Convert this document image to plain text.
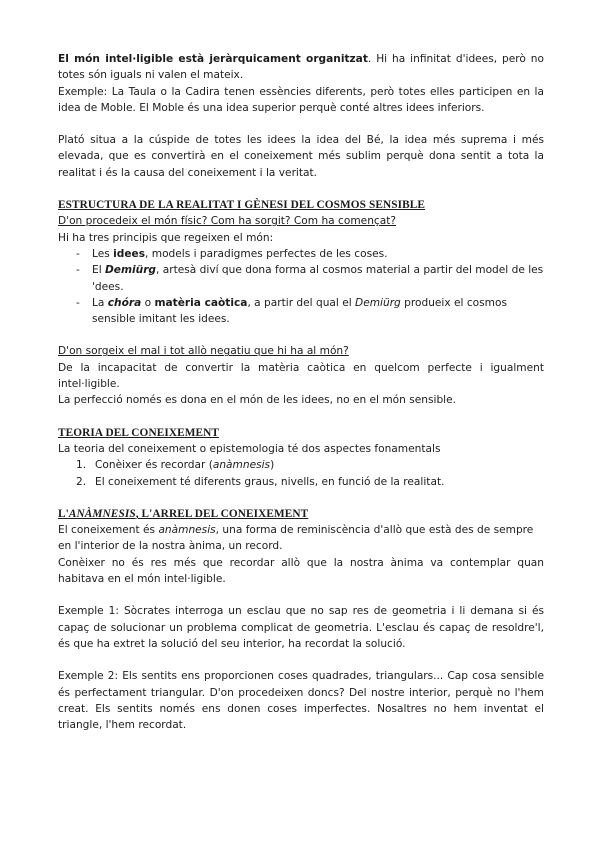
El món intel·ligible està jeràrquicament organitzat. Hi ha infinitat d'idees, però no totes són iguals ni valen el mateix.

Exemple: La Taula o la Cadira tenen essències diferents, però totes elles participen en la idea de Moble. El Moble és una idea superior perquè conté altres idees inferiors.

Plató situa a la cúspide de totes les idees la idea del Bé, la idea més suprema i més elevada, que es convertirà en el coneixement més sublim perquè dona sentit a tota la realitat i és la causa del coneixement i la veritat.

ESTRUCTURA DE LA REALITAT I GÈNESI DEL COSMOS SENSIBLE

D'on procedeix el món físic? Com ha sorgit? Com ha començat?

Hi ha tres principis que regeixen el món:

- Les idees, models i paradigmes perfectes de les coses.
- El Demiürg, artesà diví que dona forma al cosmos material a partir del model de les 'dees.
- La chóra o matèria caòtica, a partir del qual el Demiürg produeix el cosmos sensible imitant les idees.

D'on sorgeix el mal i tot allò negatiu que hi ha al món?

De la incapacitat de convertir la matèria caòtica en quelcom perfecte i igualment intel·ligible.

La perfecció només es dona en el món de les idees, no en el món sensible.

TEORIA DEL CONEIXEMENT

La teoria del coneixement o epistemologia té dos aspectes fonamentals

1. Conèixer és recordar (anàmnesis)
2. El coneixement té diferents graus, nivells, en funció de la realitat.

L'ANÀMNESIS, L'ARREL DEL CONEIXEMENT

El coneixement és anàmnesis, una forma de reminiscència d'allò que està des de sempre en l'interior de la nostra ànima, un record.

Conèixer no és res més que recordar allò que la nostra ànima va contemplar quan habitava en el món intel·ligible.

Exemple 1: Sòcrates interroga un esclau que no sap res de geometria i li demana si és capaç de solucionar un problema complicat de geometria. L'esclau és capaç de resoldre'l, és que ha extret la solució del seu interior, ha recordat la solució.

Exemple 2: Els sentits ens proporcionen coses quadrades, triangulars... Cap cosa sensible és perfectament triangular. D'on procedeixen doncs? Del nostre interior, perquè no l'hem creat. Els sentits només ens donen coses imperfectes. Nosaltres no hem inventat el triangle, l'hem recordat.
